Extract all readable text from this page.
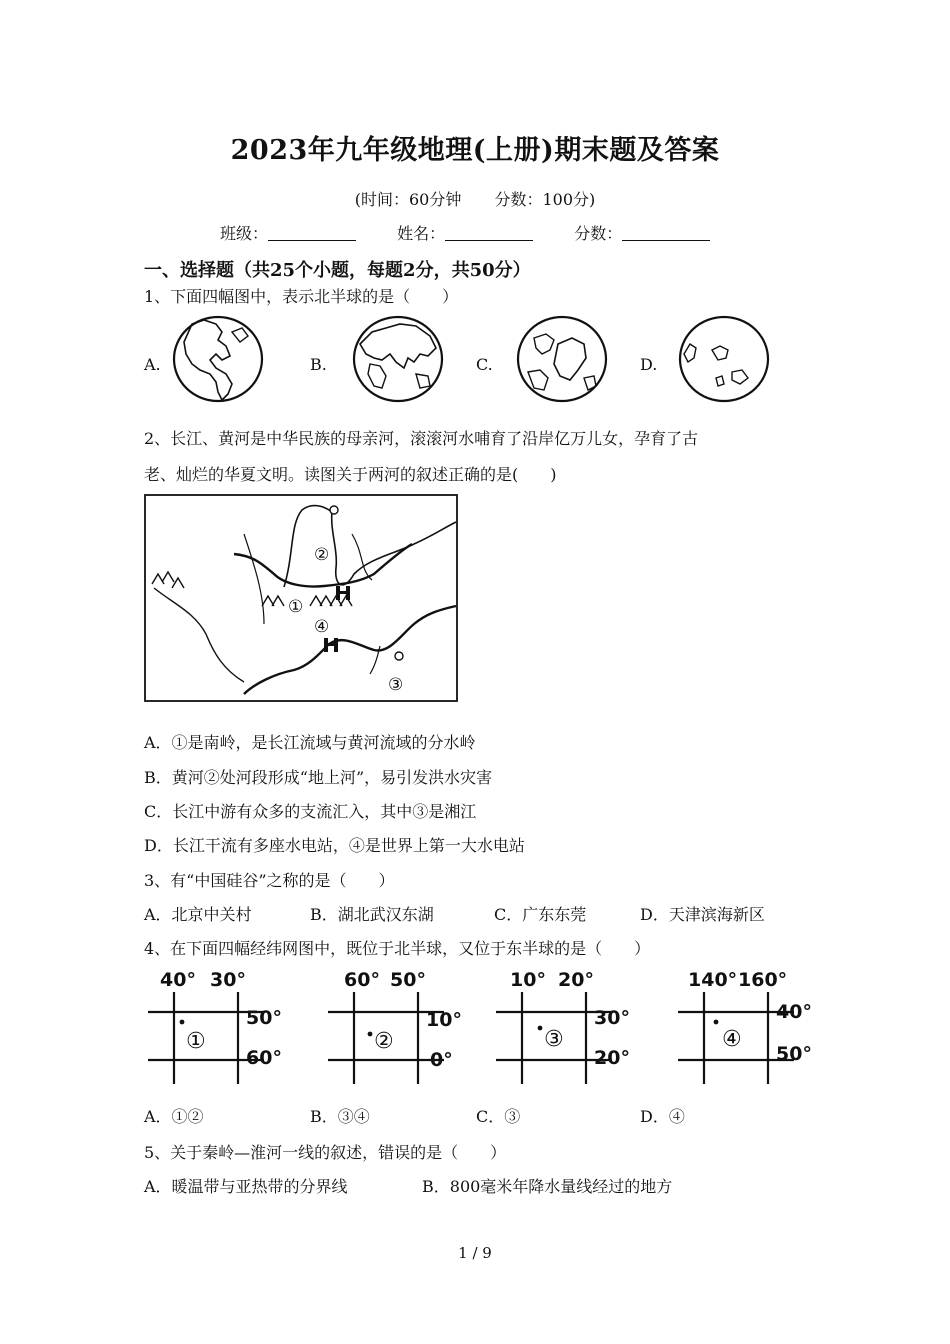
2023年九年级地理(上册)期末题及答案
(时间：60分钟 分数：100分)
班级：	姓名：	分数：
一、选择题（共25个小题，每题2分，共50分）
1、下面四幅图中，表示北半球的是（　　）
A.	B.	C.	D.
2、长江、黄河是中华民族的母亲河，滚滚河水哺育了沿岸亿万儿女，孕育了古
老、灿烂的华夏文明。读图关于两河的叙述正确的是(　　)
②
①
④
③
A．①是南岭，是长江流域与黄河流域的分水岭
B．黄河②处河段形成“地上河”，易引发洪水灾害
C．长江中游有众多的支流汇入，其中③是湘江
D．长江干流有多座水电站，④是世界上第一大水电站
3、有“中国硅谷”之称的是（　　）
A．北京中关村	B．湖北武汉东湖	C．广东东莞	D．天津滨海新区
4、在下面四幅经纬网图中，既位于北半球，又位于东半球的是（　　）
40° 30°
50°
60°
①
60° 50°
10°
0°
②
10° 20°
30°
20°
③
140° 160°
40°
50°
④
A．①②	B．③④	C．③	D．④
5、关于秦岭—淮河一线的叙述，错误的是（　　）
A．暖温带与亚热带的分界线	B．800毫米年降水量线经过的地方
1 / 9
